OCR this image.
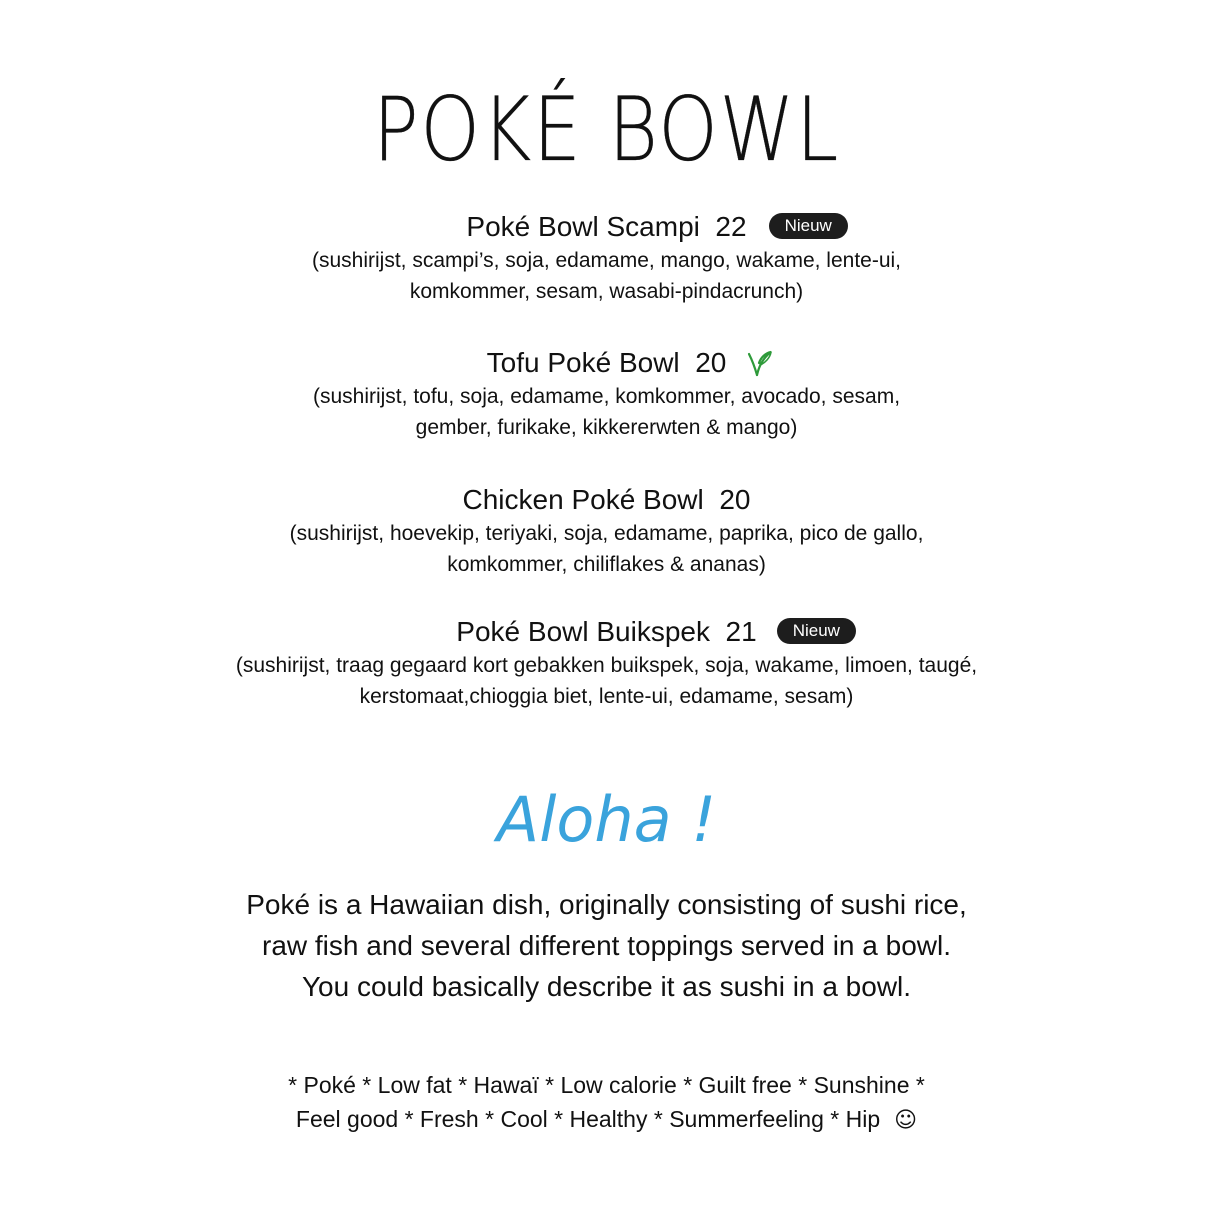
POKÉ BOWL
Poké Bowl Scampi 22	Nieuw
(sushirijst, scampi’s, soja, edamame, mango, wakame, lente-ui,
komkommer, sesam, wasabi-pindacrunch)
Tofu Poké Bowl 20
(sushirijst, tofu, soja, edamame, komkommer, avocado, sesam,
gember, furikake, kikkererwten & mango)
Chicken Poké Bowl 20
(sushirijst, hoevekip, teriyaki, soja, edamame, paprika, pico de gallo,
komkommer, chiliflakes & ananas)
Poké Bowl Buikspek 21	Nieuw
(sushirijst, traag gegaard kort gebakken buikspek, soja, wakame, limoen, taugé,
kerstomaat,chioggia biet, lente-ui, edamame, sesam)
Aloha !

Poké is a Hawaiian dish, originally consisting of sushi rice,

raw fish and several different toppings served in a bowl.

You could basically describe it as sushi in a bowl.

* Poké * Low fat * Hawaï * Low calorie * Guilt free * Sunshine *

Feel good * Fresh * Cool * Healthy * Summerfeeling * Hip ☺
